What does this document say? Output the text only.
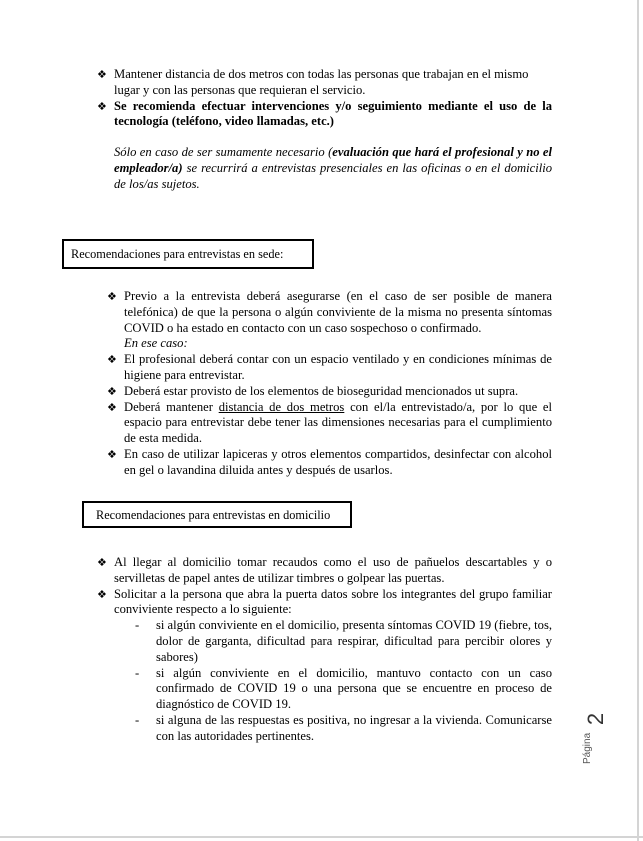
❖ Mantener distancia de dos metros con todas las personas que trabajan en el mismo lugar y con las personas que requieran el servicio.

❖ Se recomienda efectuar intervenciones y/o seguimiento mediante el uso de la tecnología (teléfono, video llamadas, etc.)

Sólo en caso de ser sumamente necesario (evaluación que hará el profesional y no el empleador/a) se recurrirá a entrevistas presenciales en las oficinas o en el domicilio de los/as sujetos.

Recomendaciones para entrevistas en sede:

❖ Previo a la entrevista deberá asegurarse (en el caso de ser posible de manera telefónica) de que la persona o algún conviviente de la misma no presenta síntomas COVID o ha estado en contacto con un caso sospechoso o confirmado.
En ese caso:

❖ El profesional deberá contar con un espacio ventilado y en condiciones mínimas de higiene para entrevistar.

❖ Deberá estar provisto de los elementos de bioseguridad mencionados ut supra.

❖ Deberá mantener distancia de dos metros con el/la entrevistado/a, por lo que el espacio para entrevistar debe tener las dimensiones necesarias para el cumplimiento de esta medida.

❖ En caso de utilizar lapiceras y otros elementos compartidos, desinfectar con alcohol en gel o lavandina diluida antes y después de usarlos.

Recomendaciones para entrevistas en domicilio

❖ Al llegar al domicilio tomar recaudos como el uso de pañuelos descartables y o servilletas de papel antes de utilizar timbres o golpear las puertas.

❖ Solicitar a la persona que abra la puerta datos sobre los integrantes del grupo familiar conviviente respecto a lo siguiente:

- si algún conviviente en el domicilio, presenta síntomas COVID 19 (fiebre, tos, dolor de garganta, dificultad para respirar, dificultad para percibir olores y sabores)

- si algún conviviente en el domicilio, mantuvo contacto con un caso confirmado de COVID 19 o una persona que se encuentre en proceso de diagnóstico de COVID 19.

- si alguna de las respuestas es positiva, no ingresar a la vivienda. Comunicarse con las autoridades pertinentes.	Página
2
